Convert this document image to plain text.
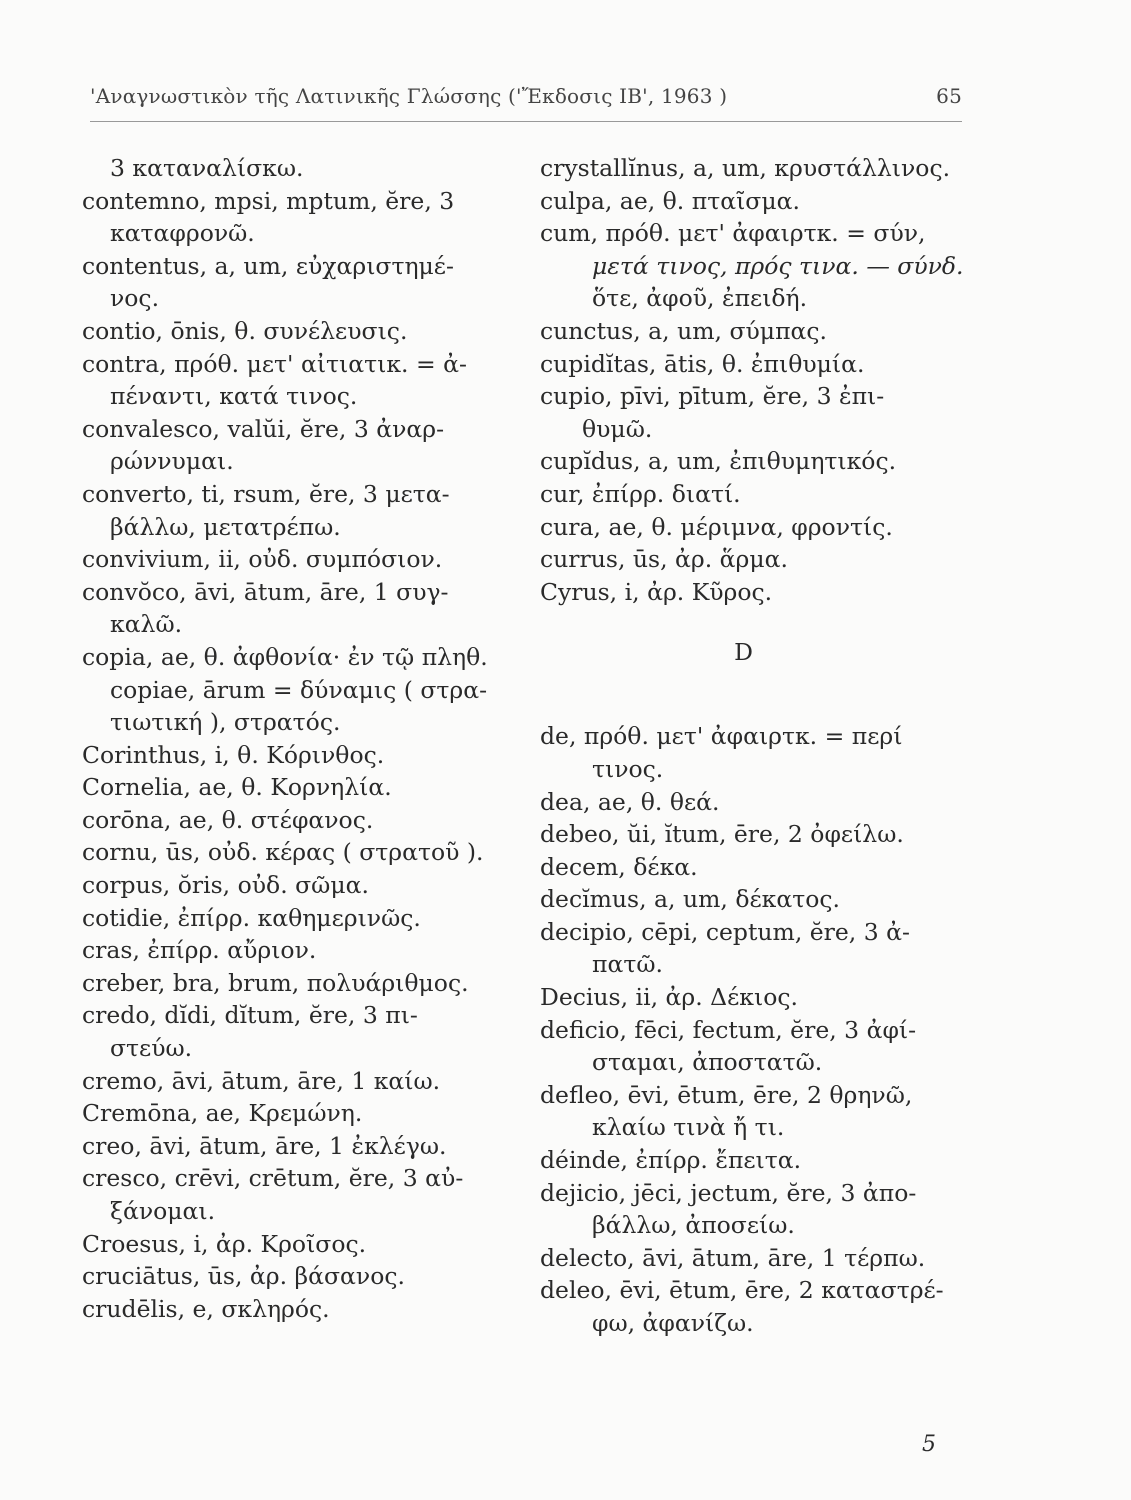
'Αναγνωστικὸν τῆς Λατινικῆς Γλώσσης ('Ἔκδοσις ΙΒ', 1963 )	65
3 καταναλίσκω.
contemno, mpsi, mptum, ĕre, 3
καταφρονῶ.
contentus, a, um, εὐχαριστημέ-
νος.
contio, ōnis, θ. συνέλευσις.
contra, πρόθ. μετ' αἰτιατικ. = ἀ-
πέναντι, κατά τινος.
convalesco, valŭi, ĕre, 3 ἀναρ-
ρώννυμαι.
converto, ti, rsum, ĕre, 3 μετα-
βάλλω, μετατρέπω.
convivium, ii, οὐδ. συμπόσιον.
convŏco, āvi, ātum, āre, 1 συγ-
καλῶ.
copia, ae, θ. ἀφθονία· ἐν τῷ πληθ.
copiae, ārum = δύναμις ( στρα-
τιωτική ), στρατός.
Corinthus, i, θ. Κόρινθος.
Cornelia, ae, θ. Κορνηλία.
corōna, ae, θ. στέφανος.
cornu, ūs, οὐδ. κέρας ( στρατοῦ ).
corpus, ŏris, οὐδ. σῶμα.
cotidie, ἐπίρρ. καθημερινῶς.
cras, ἐπίρρ. αὔριον.
creber, bra, brum, πολυάριθμος.
credo, dĭdi, dĭtum, ĕre, 3 πι-
στεύω.
cremo, āvi, ātum, āre, 1 καίω.
Cremōna, ae, Κρεμώνη.
creo, āvi, ātum, āre, 1 ἐκλέγω.
cresco, crēvi, crētum, ĕre, 3 αὐ-
ξάνομαι.
Croesus, i, ἀρ. Κροῖσος.
cruciātus, ūs, ἀρ. βάσανος.
crudēlis, e, σκληρός.
crystallĭnus, a, um, κρυστάλλινος.
culpa, ae, θ. πταῖσμα.
cum, πρόθ. μετ' ἀφαιρτκ. = σύν,
μετά τινος, πρός τινα. — σύνδ.
ὅτε, ἀφοῦ, ἐπειδή.
cunctus, a, um, σύμπας.
cupidĭtas, ātis, θ. ἐπιθυμία.
cupio, pīvi, pītum, ĕre, 3 ἐπι-
θυμῶ.
cupĭdus, a, um, ἐπιθυμητικός.
cur, ἐπίρρ. διατί.
cura, ae, θ. μέριμνα, φροντίς.
currus, ūs, ἀρ. ἅρμα.
Cyrus, i, ἀρ. Κῦρος.
D
de, πρόθ. μετ' ἀφαιρτκ. = περί
τινος.
dea, ae, θ. θεά.
debeo, ŭi, ĭtum, ēre, 2 ὀφείλω.
decem, δέκα.
decĭmus, a, um, δέκατος.
decipio, cēpi, ceptum, ĕre, 3 ἀ-
πατῶ.
Decius, ii, ἀρ. Δέκιος.
deficio, fēci, fectum, ĕre, 3 ἀφί-
σταμαι, ἀποστατῶ.
defleo, ēvi, ētum, ēre, 2 θρηνῶ,
κλαίω τινὰ ἤ τι.
déinde, ἐπίρρ. ἔπειτα.
dejicio, jēci, jectum, ĕre, 3 ἀπο-
βάλλω, ἀποσείω.
delecto, āvi, ātum, āre, 1 τέρπω.
deleo, ēvi, ētum, ēre, 2 καταστρέ-
φω, ἀφανίζω.
5
